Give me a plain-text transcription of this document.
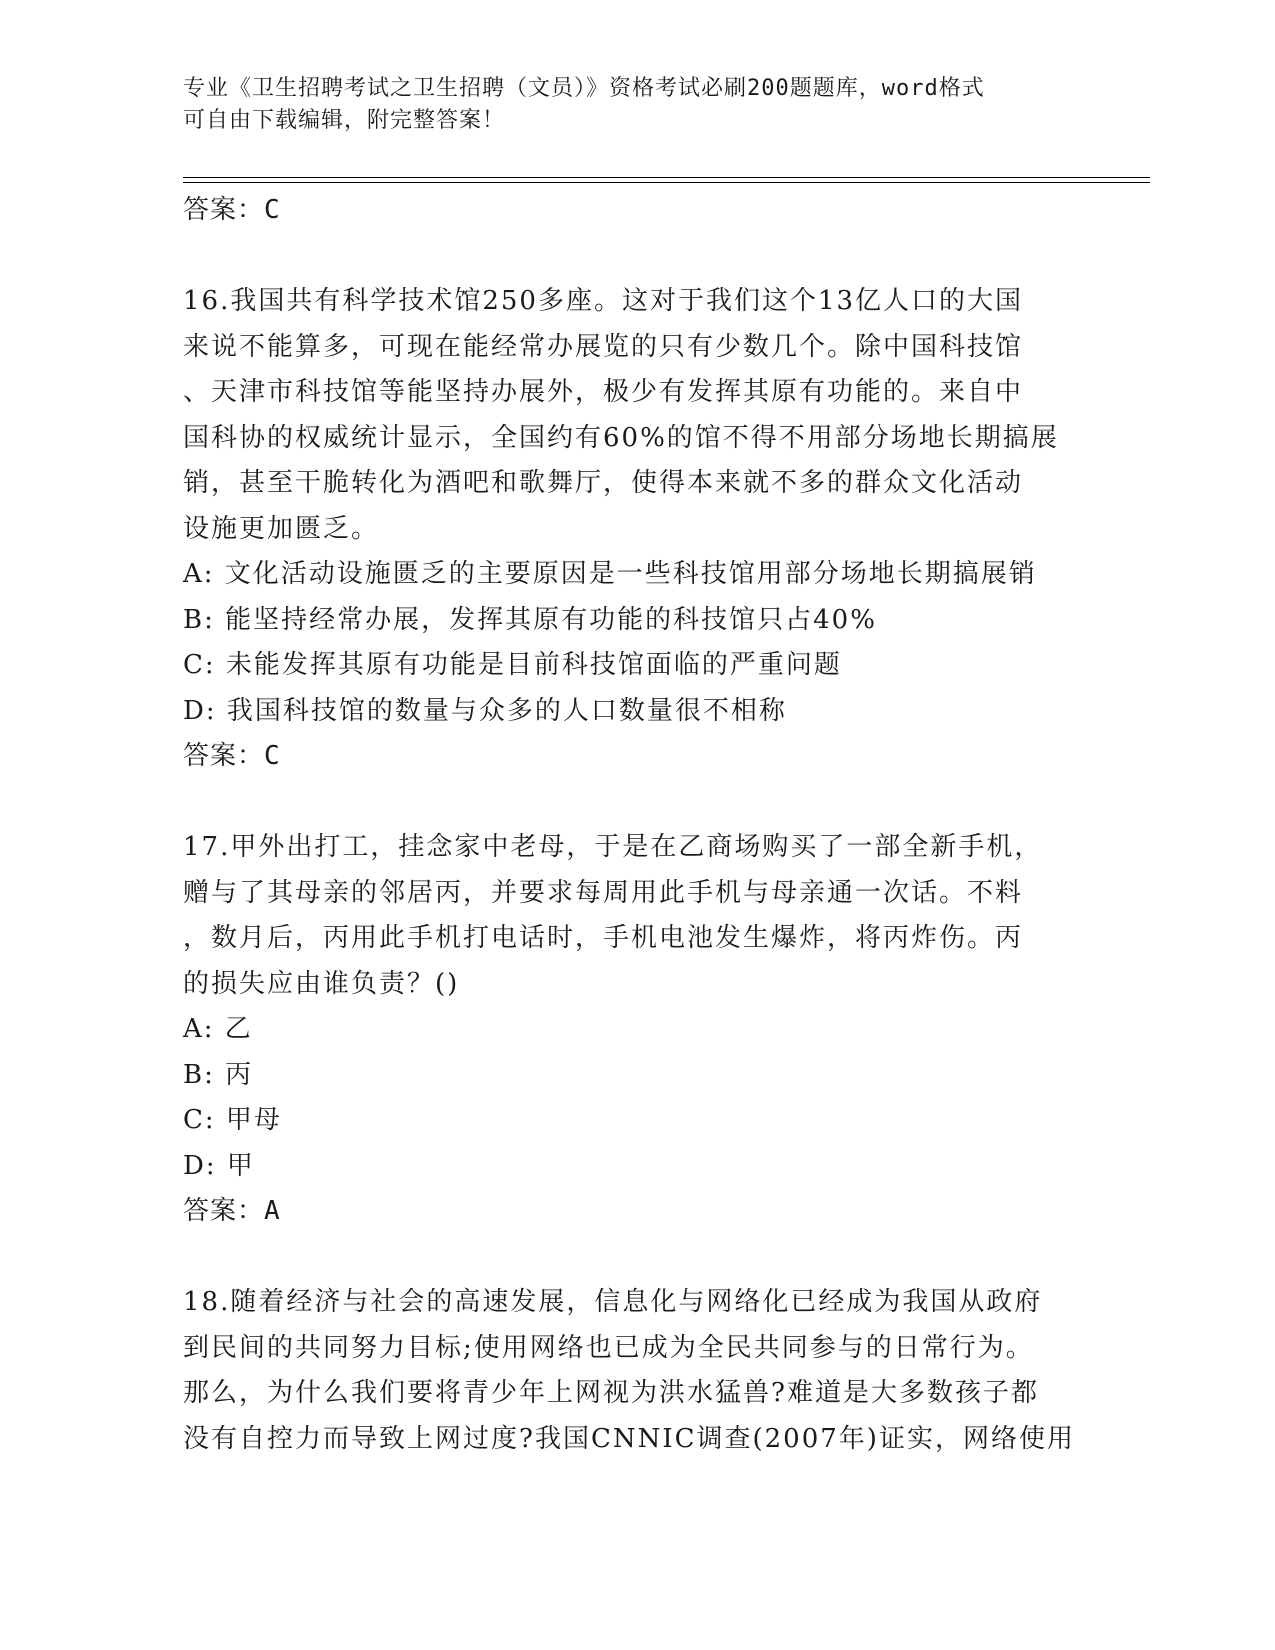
专业《卫生招聘考试之卫生招聘（文员）》资格考试必刷200题题库，word格式
可自由下载编辑，附完整答案！
答案：C
16.我国共有科学技术馆250多座。这对于我们这个13亿人口的大国
来说不能算多，可现在能经常办展览的只有少数几个。除中国科技馆
、天津市科技馆等能坚持办展外，极少有发挥其原有功能的。来自中
国科协的权威统计显示，全国约有60%的馆不得不用部分场地长期搞展
销，甚至干脆转化为酒吧和歌舞厅，使得本来就不多的群众文化活动
设施更加匮乏。
A: 文化活动设施匮乏的主要原因是一些科技馆用部分场地长期搞展销
B: 能坚持经常办展，发挥其原有功能的科技馆只占40%
C: 未能发挥其原有功能是目前科技馆面临的严重问题
D: 我国科技馆的数量与众多的人口数量很不相称
答案：C
17.甲外出打工，挂念家中老母，于是在乙商场购买了一部全新手机，
赠与了其母亲的邻居丙，并要求每周用此手机与母亲通一次话。不料
，数月后，丙用此手机打电话时，手机电池发生爆炸，将丙炸伤。丙
的损失应由谁负责？()
A: 乙
B: 丙
C: 甲母
D: 甲
答案：A
18.随着经济与社会的高速发展，信息化与网络化已经成为我国从政府
到民间的共同努力目标;使用网络也已成为全民共同参与的日常行为。
那么，为什么我们要将青少年上网视为洪水猛兽?难道是大多数孩子都
没有自控力而导致上网过度?我国CNNIC调查(2007年)证实，网络使用
